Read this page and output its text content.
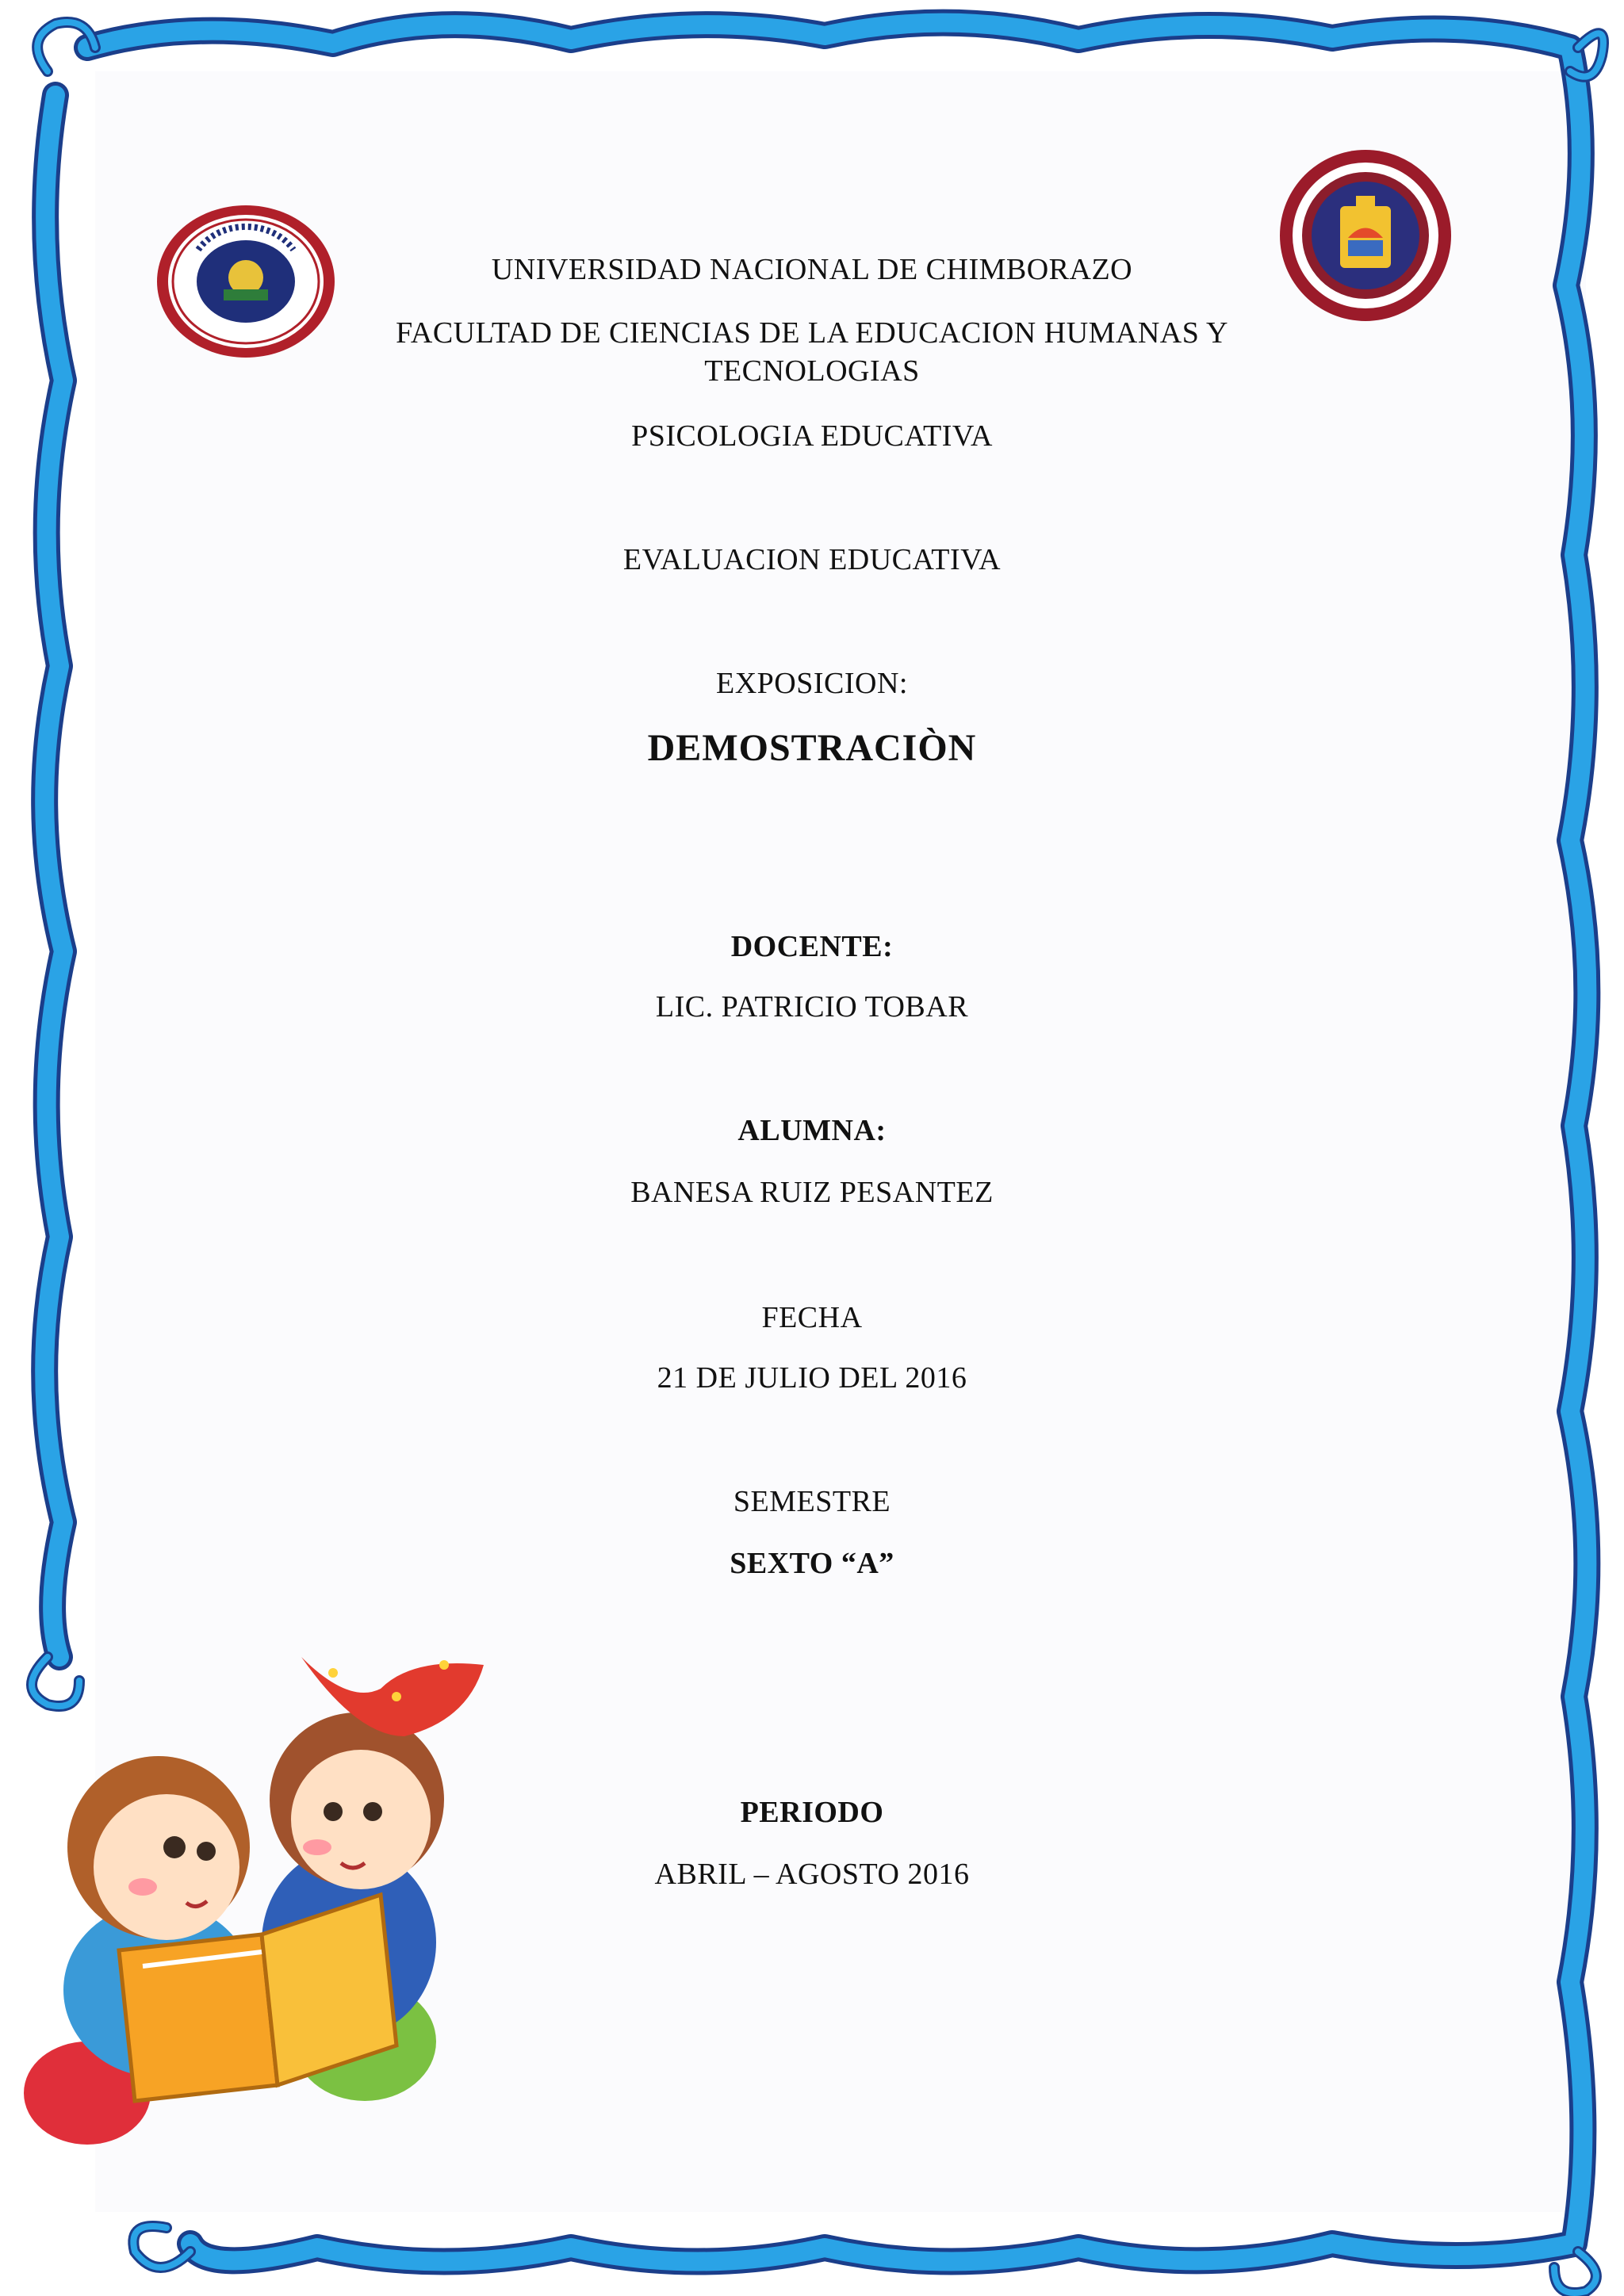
UNIVERSIDAD NACIONAL DE CHIMBORAZO
FACULTAD DE CIENCIAS DE LA EDUCACION HUMANAS Y
TECNOLOGIAS
PSICOLOGIA EDUCATIVA
EVALUACION EDUCATIVA
EXPOSICION:
DEMOSTRACIÒN
DOCENTE:
LIC. PATRICIO TOBAR
ALUMNA:
BANESA RUIZ PESANTEZ
FECHA
21 DE JULIO DEL 2016
SEMESTRE
SEXTO “A”
PERIODO
ABRIL – AGOSTO 2016
